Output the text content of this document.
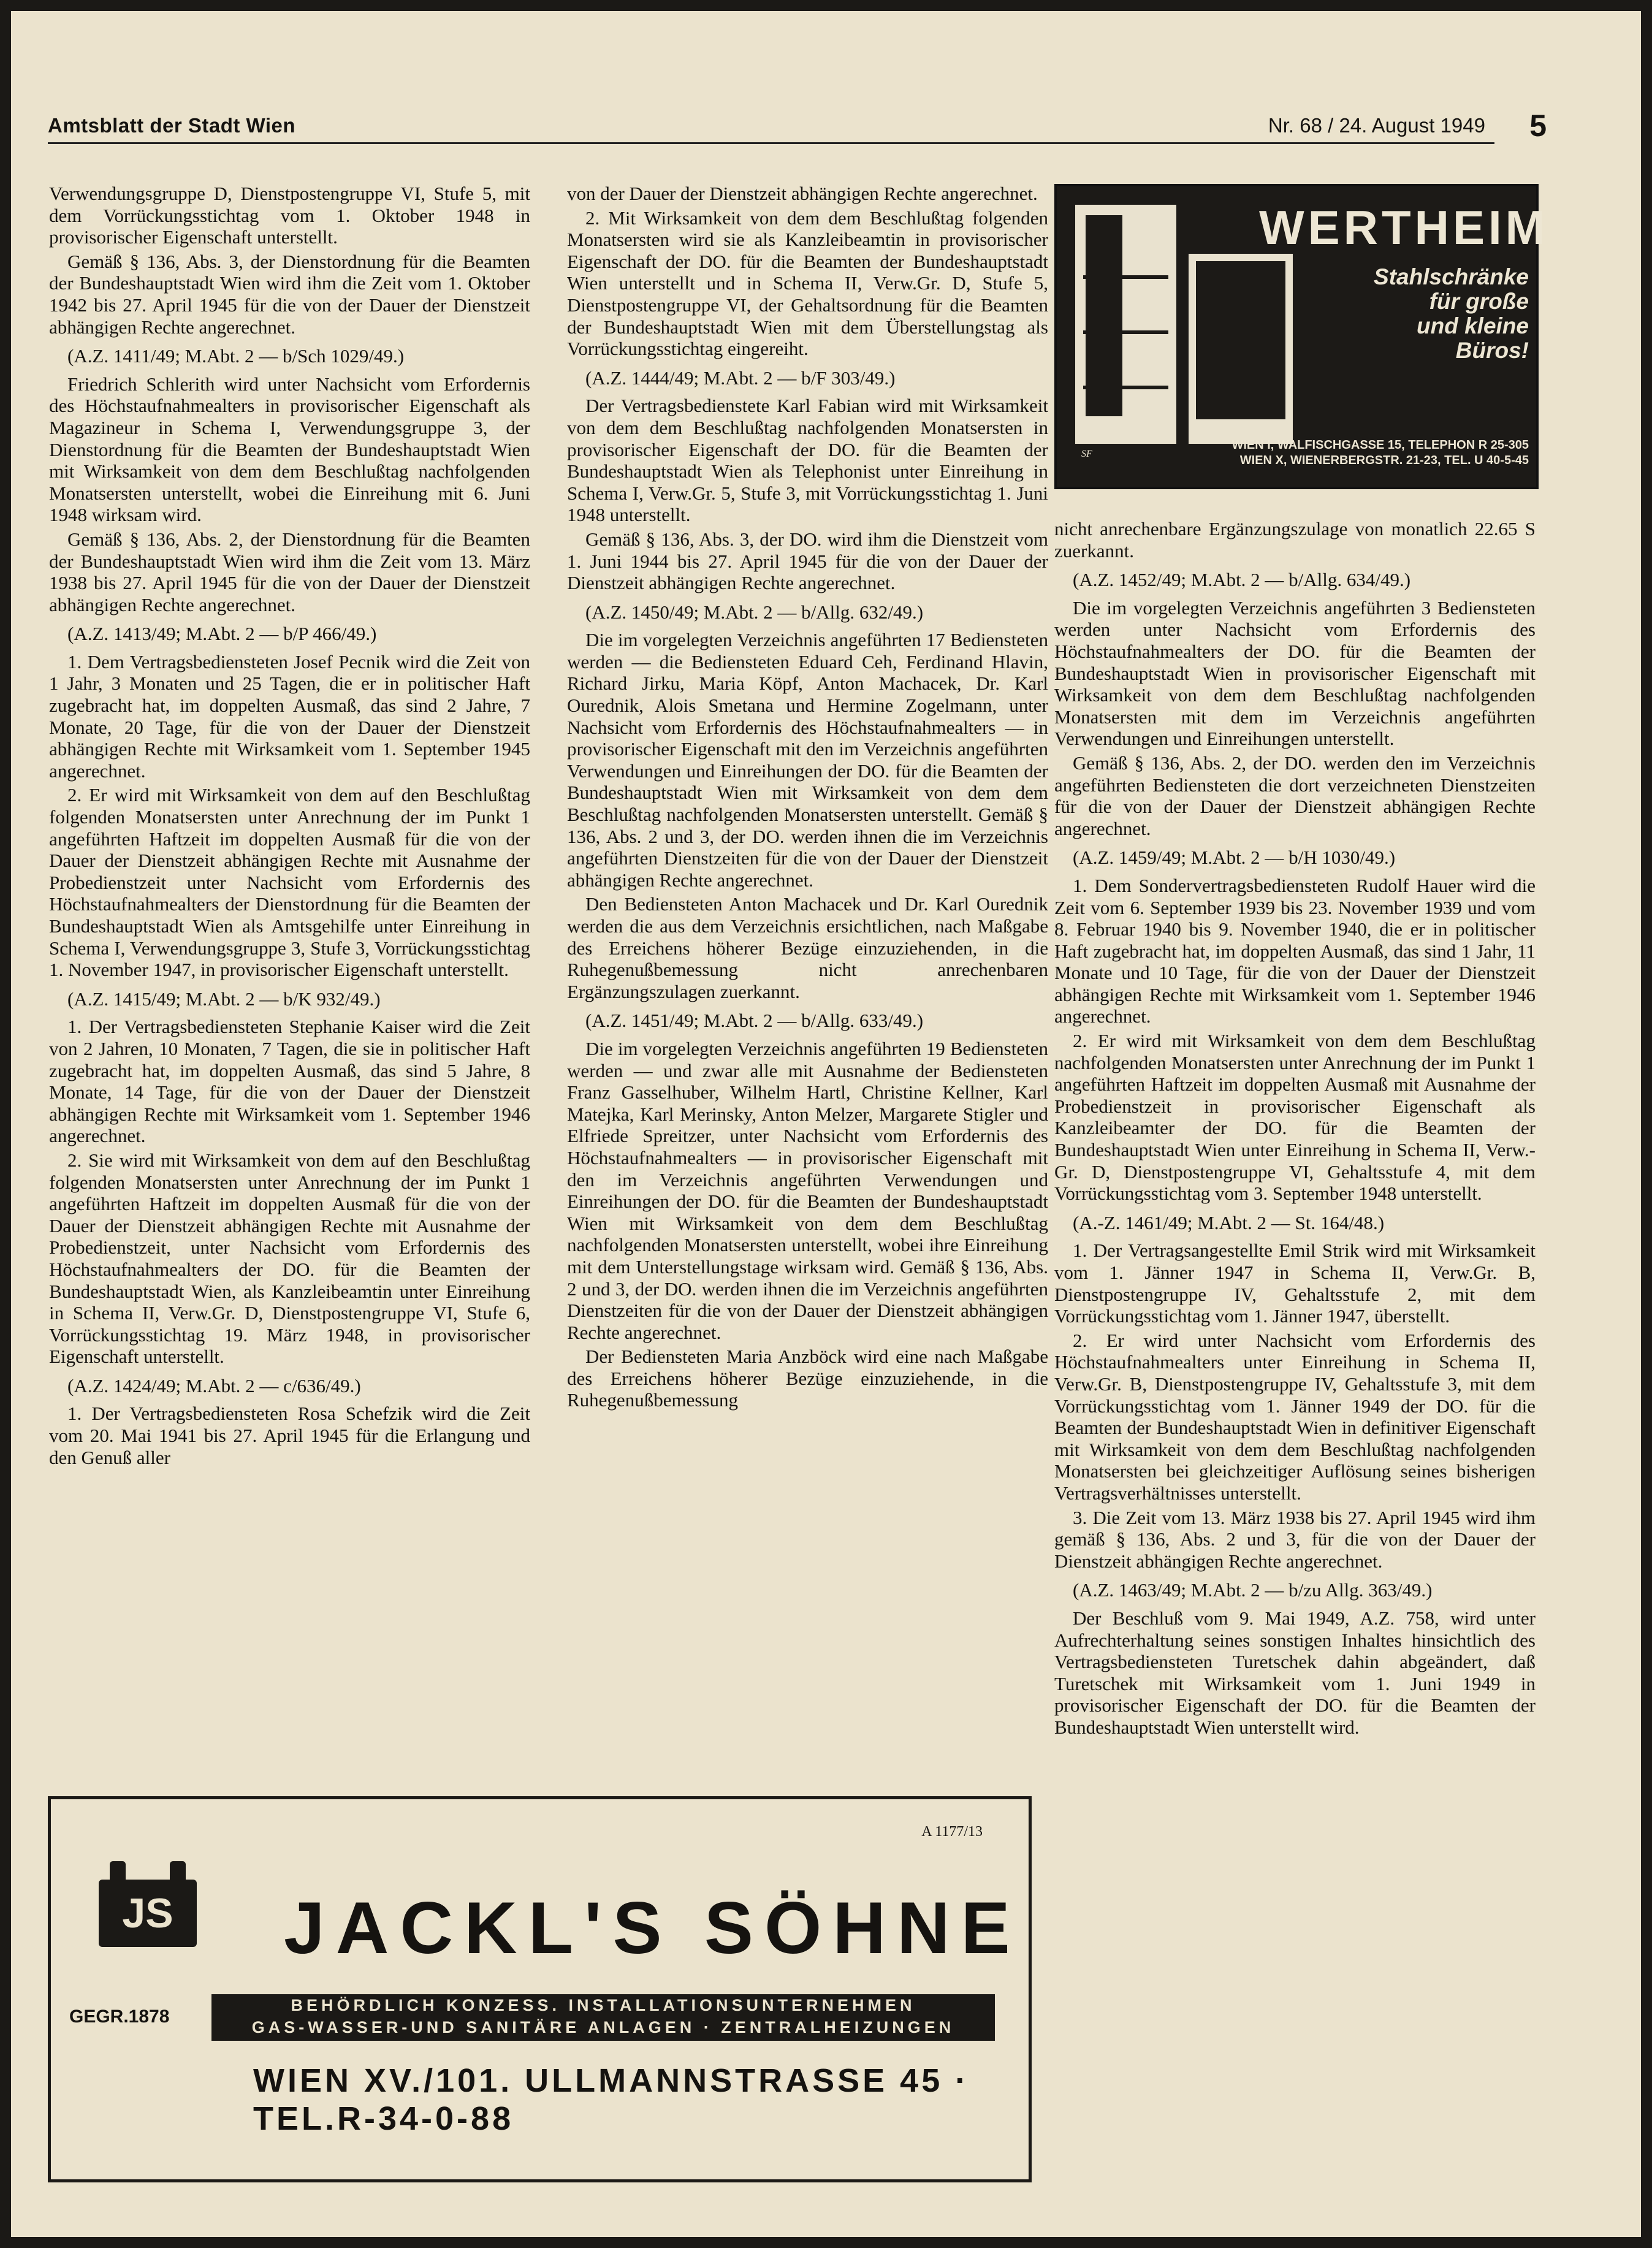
Amtsblatt der Stadt Wien	Nr. 68 / 24. August 1949 5

Verwendungsgruppe D, Dienstpostengruppe VI, Stufe 5, mit dem Vorrückungsstichtag vom 1. Oktober 1948 in provisorischer Eigenschaft unterstellt.

Gemäß § 136, Abs. 3, der Dienstordnung für die Beamten der Bundeshauptstadt Wien wird ihm die Zeit vom 1. Oktober 1942 bis 27. April 1945 für die von der Dauer der Dienstzeit abhängigen Rechte angerechnet.

(A.Z. 1411/49; M.Abt. 2 — b/Sch 1029/49.)

Friedrich Schlerith wird unter Nachsicht vom Erfordernis des Höchstaufnahmealters in provisorischer Eigenschaft als Magazineur in Schema I, Verwendungsgruppe 3, der Dienstordnung für die Beamten der Bundeshauptstadt Wien mit Wirksamkeit von dem dem Beschlußtag nachfolgenden Monatsersten unterstellt, wobei die Einreihung mit 6. Juni 1948 wirksam wird.

Gemäß § 136, Abs. 2, der Dienstordnung für die Beamten der Bundeshauptstadt Wien wird ihm die Zeit vom 13. März 1938 bis 27. April 1945 für die von der Dauer der Dienstzeit abhängigen Rechte angerechnet.

(A.Z. 1413/49; M.Abt. 2 — b/P 466/49.)

1. Dem Vertragsbediensteten Josef Pecnik wird die Zeit von 1 Jahr, 3 Monaten und 25 Tagen, die er in politischer Haft zugebracht hat, im doppelten Ausmaß, das sind 2 Jahre, 7 Monate, 20 Tage, für die von der Dauer der Dienstzeit abhängigen Rechte mit Wirksamkeit vom 1. September 1945 angerechnet.

2. Er wird mit Wirksamkeit von dem auf den Beschlußtag folgenden Monatsersten unter Anrechnung der im Punkt 1 angeführten Haftzeit im doppelten Ausmaß für die von der Dauer der Dienstzeit abhängigen Rechte mit Ausnahme der Probedienstzeit unter Nachsicht vom Erfordernis des Höchstaufnahmealters der Dienstordnung für die Beamten der Bundeshauptstadt Wien als Amtsgehilfe unter Einreihung in Schema I, Verwendungsgruppe 3, Stufe 3, Vorrückungsstichtag 1. November 1947, in provisorischer Eigenschaft unterstellt.

(A.Z. 1415/49; M.Abt. 2 — b/K 932/49.)

1. Der Vertragsbediensteten Stephanie Kaiser wird die Zeit von 2 Jahren, 10 Monaten, 7 Tagen, die sie in politischer Haft zugebracht hat, im doppelten Ausmaß, das sind 5 Jahre, 8 Monate, 14 Tage, für die von der Dauer der Dienstzeit abhängigen Rechte mit Wirksamkeit vom 1. September 1946 angerechnet.

2. Sie wird mit Wirksamkeit von dem auf den Beschlußtag folgenden Monatsersten unter Anrechnung der im Punkt 1 angeführten Haftzeit im doppelten Ausmaß für die von der Dauer der Dienstzeit abhängigen Rechte mit Ausnahme der Probedienstzeit, unter Nachsicht vom Erfordernis des Höchstaufnahmealters der DO. für die Beamten der Bundeshauptstadt Wien, als Kanzleibeamtin unter Einreihung in Schema II, Verw.Gr. D, Dienstpostengruppe VI, Stufe 6, Vorrückungsstichtag 19. März 1948, in provisorischer Eigenschaft unterstellt.

(A.Z. 1424/49; M.Abt. 2 — c/636/49.)

1. Der Vertragsbediensteten Rosa Schefzik wird die Zeit vom 20. Mai 1941 bis 27. April 1945 für die Erlangung und den Genuß aller

von der Dauer der Dienstzeit abhängigen Rechte angerechnet.

2. Mit Wirksamkeit von dem dem Beschlußtag folgenden Monatsersten wird sie als Kanzleibeamtin in provisorischer Eigenschaft der DO. für die Beamten der Bundeshauptstadt Wien unterstellt und in Schema II, Verw.Gr. D, Stufe 5, Dienstpostengruppe VI, der Gehaltsordnung für die Beamten der Bundeshauptstadt Wien mit dem Überstellungstag als Vorrückungsstichtag eingereiht.

(A.Z. 1444/49; M.Abt. 2 — b/F 303/49.)

Der Vertragsbedienstete Karl Fabian wird mit Wirksamkeit von dem dem Beschlußtag nachfolgenden Monatsersten in provisorischer Eigenschaft der DO. für die Beamten der Bundeshauptstadt Wien als Telephonist unter Einreihung in Schema I, Verw.Gr. 5, Stufe 3, mit Vorrückungsstichtag 1. Juni 1948 unterstellt.

Gemäß § 136, Abs. 3, der DO. wird ihm die Dienstzeit vom 1. Juni 1944 bis 27. April 1945 für die von der Dauer der Dienstzeit abhängigen Rechte angerechnet.

(A.Z. 1450/49; M.Abt. 2 — b/Allg. 632/49.)

Die im vorgelegten Verzeichnis angeführten 17 Bediensteten werden — die Bediensteten Eduard Ceh, Ferdinand Hlavin, Richard Jirku, Maria Köpf, Anton Machacek, Dr. Karl Ourednik, Alois Smetana und Hermine Zogelmann, unter Nachsicht vom Erfordernis des Höchstaufnahmealters — in provisorischer Eigenschaft mit den im Verzeichnis angeführten Verwendungen und Einreihungen der DO. für die Beamten der Bundeshauptstadt Wien mit Wirksamkeit von dem dem Beschlußtag nachfolgenden Monatsersten unterstellt. Gemäß § 136, Abs. 2 und 3, der DO. werden ihnen die im Verzeichnis angeführten Dienstzeiten für die von der Dauer der Dienstzeit abhängigen Rechte angerechnet.

Den Bediensteten Anton Machacek und Dr. Karl Ourednik werden die aus dem Verzeichnis ersichtlichen, nach Maßgabe des Erreichens höherer Bezüge einzuziehenden, in die Ruhegenußbemessung nicht anrechenbaren Ergänzungszulagen zuerkannt.

(A.Z. 1451/49; M.Abt. 2 — b/Allg. 633/49.)

Die im vorgelegten Verzeichnis angeführten 19 Bediensteten werden — und zwar alle mit Ausnahme der Bediensteten Franz Gasselhuber, Wilhelm Hartl, Christine Kellner, Karl Matejka, Karl Merinsky, Anton Melzer, Margarete Stigler und Elfriede Spreitzer, unter Nachsicht vom Erfordernis des Höchstaufnahmealters — in provisorischer Eigenschaft mit den im Verzeichnis angeführten Verwendungen und Einreihungen der DO. für die Beamten der Bundeshauptstadt Wien mit Wirksamkeit von dem dem Beschlußtag nachfolgenden Monatsersten unterstellt, wobei ihre Einreihung mit dem Unterstellungstage wirksam wird. Gemäß § 136, Abs. 2 und 3, der DO. werden ihnen die im Verzeichnis angeführten Dienstzeiten für die von der Dauer der Dienstzeit abhängigen Rechte angerechnet.

Der Bediensteten Maria Anzböck wird eine nach Maßgabe des Erreichens höherer Bezüge einzuziehende, in die Ruhegenußbemessung

WERTHEIM
Stahlschränke
für große
und kleine
Büros!
SF
WIEN I, WALFISCHGASSE 15, TELEPHON R 25-305
WIEN X, WIENERBERGSTR. 21-23, TEL. U 40-5-45

nicht anrechenbare Ergänzungszulage von monatlich 22.65 S zuerkannt.

(A.Z. 1452/49; M.Abt. 2 — b/Allg. 634/49.)

Die im vorgelegten Verzeichnis angeführten 3 Bediensteten werden unter Nachsicht vom Erfordernis des Höchstaufnahmealters der DO. für die Beamten der Bundeshauptstadt Wien in provisorischer Eigenschaft mit Wirksamkeit von dem dem Beschlußtag nachfolgenden Monatsersten mit dem im Verzeichnis angeführten Verwendungen und Einreihungen unterstellt.

Gemäß § 136, Abs. 2, der DO. werden den im Verzeichnis angeführten Bediensteten die dort verzeichneten Dienstzeiten für die von der Dauer der Dienstzeit abhängigen Rechte angerechnet.

(A.Z. 1459/49; M.Abt. 2 — b/H 1030/49.)

1. Dem Sondervertragsbediensteten Rudolf Hauer wird die Zeit vom 6. September 1939 bis 23. November 1939 und vom 8. Februar 1940 bis 9. November 1940, die er in politischer Haft zugebracht hat, im doppelten Ausmaß, das sind 1 Jahr, 11 Monate und 10 Tage, für die von der Dauer der Dienstzeit abhängigen Rechte mit Wirksamkeit vom 1. September 1946 angerechnet.

2. Er wird mit Wirksamkeit von dem dem Beschlußtag nachfolgenden Monatsersten unter Anrechnung der im Punkt 1 angeführten Haftzeit im doppelten Ausmaß mit Ausnahme der Probedienstzeit in provisorischer Eigenschaft als Kanzleibeamter der DO. für die Beamten der Bundeshauptstadt Wien unter Einreihung in Schema II, Verw.-Gr. D, Dienstpostengruppe VI, Gehaltsstufe 4, mit dem Vorrückungsstichtag vom 3. September 1948 unterstellt.

(A.-Z. 1461/49; M.Abt. 2 — St. 164/48.)

1. Der Vertragsangestellte Emil Strik wird mit Wirksamkeit vom 1. Jänner 1947 in Schema II, Verw.Gr. B, Dienstpostengruppe IV, Gehaltsstufe 2, mit dem Vorrückungsstichtag vom 1. Jänner 1947, überstellt.

2. Er wird unter Nachsicht vom Erfordernis des Höchstaufnahmealters unter Einreihung in Schema II, Verw.Gr. B, Dienstpostengruppe IV, Gehaltsstufe 3, mit dem Vorrückungsstichtag vom 1. Jänner 1949 der DO. für die Beamten der Bundeshauptstadt Wien in definitiver Eigenschaft mit Wirksamkeit von dem dem Beschlußtag nachfolgenden Monatsersten bei gleichzeitiger Auflösung seines bisherigen Vertragsverhältnisses unterstellt.

3. Die Zeit vom 13. März 1938 bis 27. April 1945 wird ihm gemäß § 136, Abs. 2 und 3, für die von der Dauer der Dienstzeit abhängigen Rechte angerechnet.

(A.Z. 1463/49; M.Abt. 2 — b/zu Allg. 363/49.)

Der Beschluß vom 9. Mai 1949, A.Z. 758, wird unter Aufrechterhaltung seines sonstigen Inhaltes hinsichtlich des Vertragsbediensteten Turetschek dahin abgeändert, daß Turetschek mit Wirksamkeit vom 1. Juni 1949 in provisorischer Eigenschaft der DO. für die Beamten der Bundeshauptstadt Wien unterstellt wird.

A 1177/13
JS JACKL'S SÖHNE
GEGR.1878
BEHÖRDLICH KONZESS. INSTALLATIONSUNTERNEHMEN
GAS-WASSER-UND SANITÄRE ANLAGEN · ZENTRALHEIZUNGEN
WIEN XV./101. ULLMANNSTRASSE 45 · TEL.R-34-0-88
